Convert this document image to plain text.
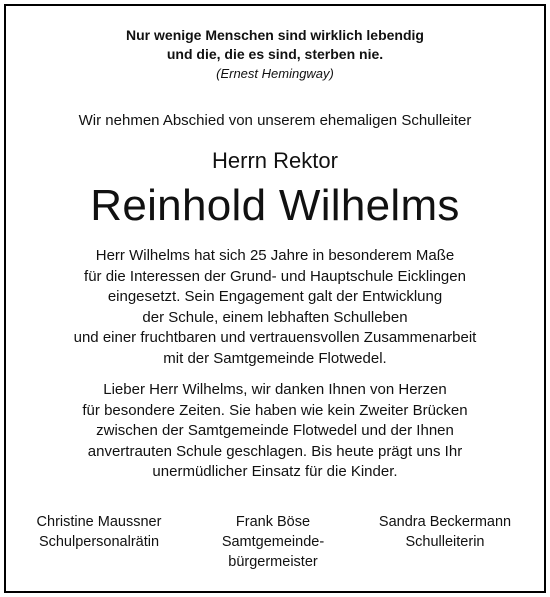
Nur wenige Menschen sind wirklich lebendig
und die, die es sind, sterben nie.
(Ernest Hemingway)
Wir nehmen Abschied von unserem ehemaligen Schulleiter
Herrn Rektor
Reinhold Wilhelms
Herr Wilhelms hat sich 25 Jahre in besonderem Maße
für die Interessen der Grund- und Hauptschule Eicklingen
eingesetzt. Sein Engagement galt der Entwicklung
der Schule, einem lebhaften Schulleben
und einer fruchtbaren und vertrauensvollen Zusammenarbeit
mit der Samtgemeinde Flotwedel.
Lieber Herr Wilhelms, wir danken Ihnen von Herzen
für besondere Zeiten. Sie haben wie kein Zweiter Brücken
zwischen der Samtgemeinde Flotwedel und der Ihnen
anvertrauten Schule geschlagen. Bis heute prägt uns Ihr
unermüdlicher Einsatz für die Kinder.
Christine Maussner
Schulpersonalrätin
Frank Böse
Samtgemeinde-
bürgermeister
Sandra Beckermann
Schulleiterin
